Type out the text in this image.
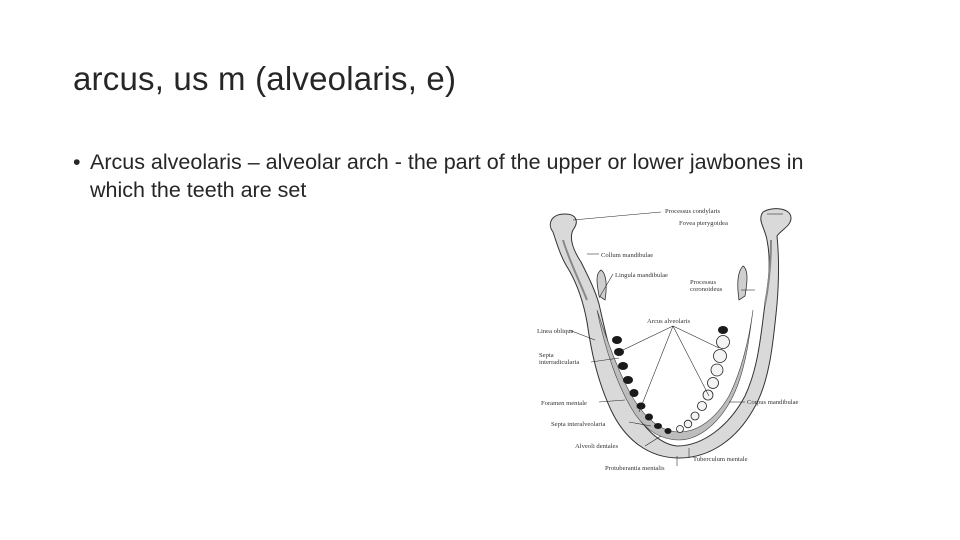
arcus, us m (alveolaris, e)
• Arcus alveolaris – alveolar arch - the part of the upper or lower jawbones in which the teeth are set
Processus condylaris
Fovea pterygoidea
Collum mandibulae
Lingula mandibulae
Processus
coronoideus
Arcus alveolaris
Linea obliqua
Septa
interradicularia
Corpus mandibulae
Foramen mentale
Septa interalveolaria
Alveoli dentales
Tuberculum mentale
Protuberantia mentalis
